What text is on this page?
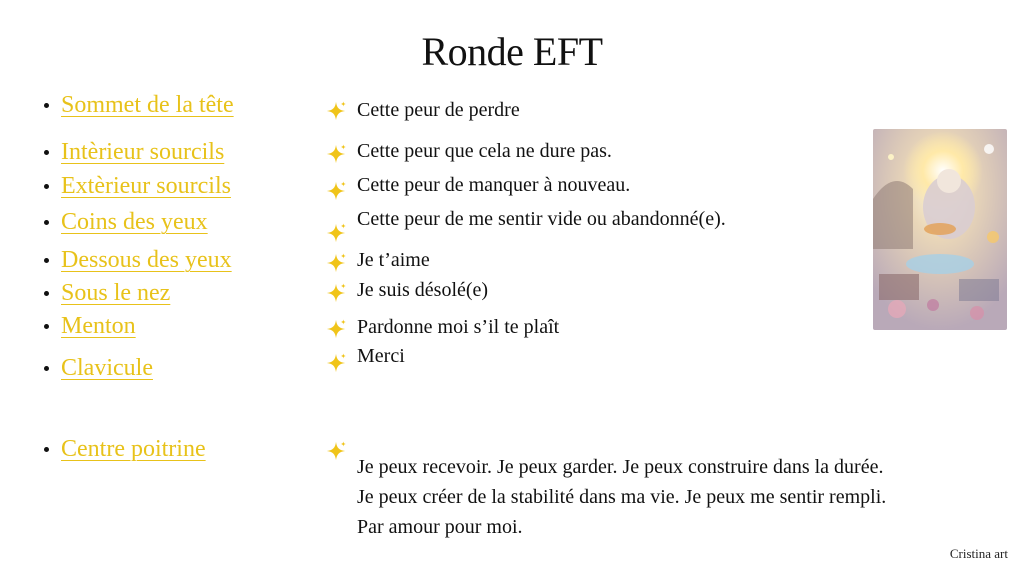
Ronde EFT
Sommet de la tête
Intèrieur sourcils
Extèrieur sourcils
Coins des yeux
Dessous des yeux
Sous le nez
Menton
Clavicule
Centre poitrine
Cette peur de perdre
Cette peur que cela ne dure pas.
Cette peur de manquer à nouveau.
Cette peur de me sentir vide ou abandonné(e).
Je t’aime
Je suis désolé(e)
Pardonne moi s’il te plaît
Merci
Je peux recevoir. Je peux garder. Je peux construire dans la durée.
Je peux créer de la stabilité dans ma vie. Je peux me sentir rempli.
Par amour pour moi.
Cristina art
